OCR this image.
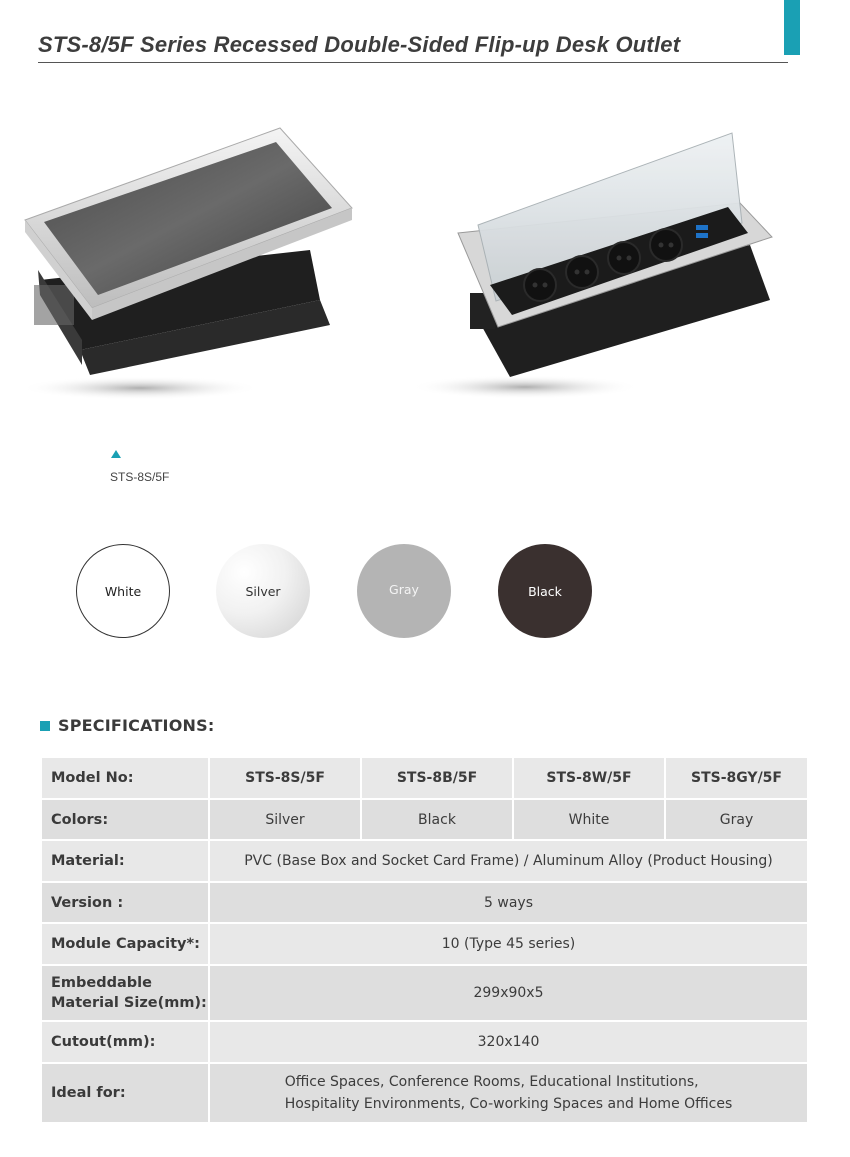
STS-8/5F Series Recessed Double-Sided Flip-up Desk Outlet
STS-8S/5F
White	Silver	Gray	Black
SPECIFICATIONS:
Model No:	STS-8S/5F	STS-8B/5F	STS-8W/5F	STS-8GY/5F
Colors:	Silver	Black	White	Gray
Material:	PVC (Base Box and Socket Card Frame) / Aluminum Alloy (Product Housing)			
Version :	5 ways			
Module Capacity*:	10 (Type 45 series)			
Embeddable
Material Size(mm):	299x90x5			
Cutout(mm):	320x140			
Ideal for:	Office Spaces, Conference Rooms, Educational Institutions,
Hospitality Environments, Co-working Spaces and Home Offices			
